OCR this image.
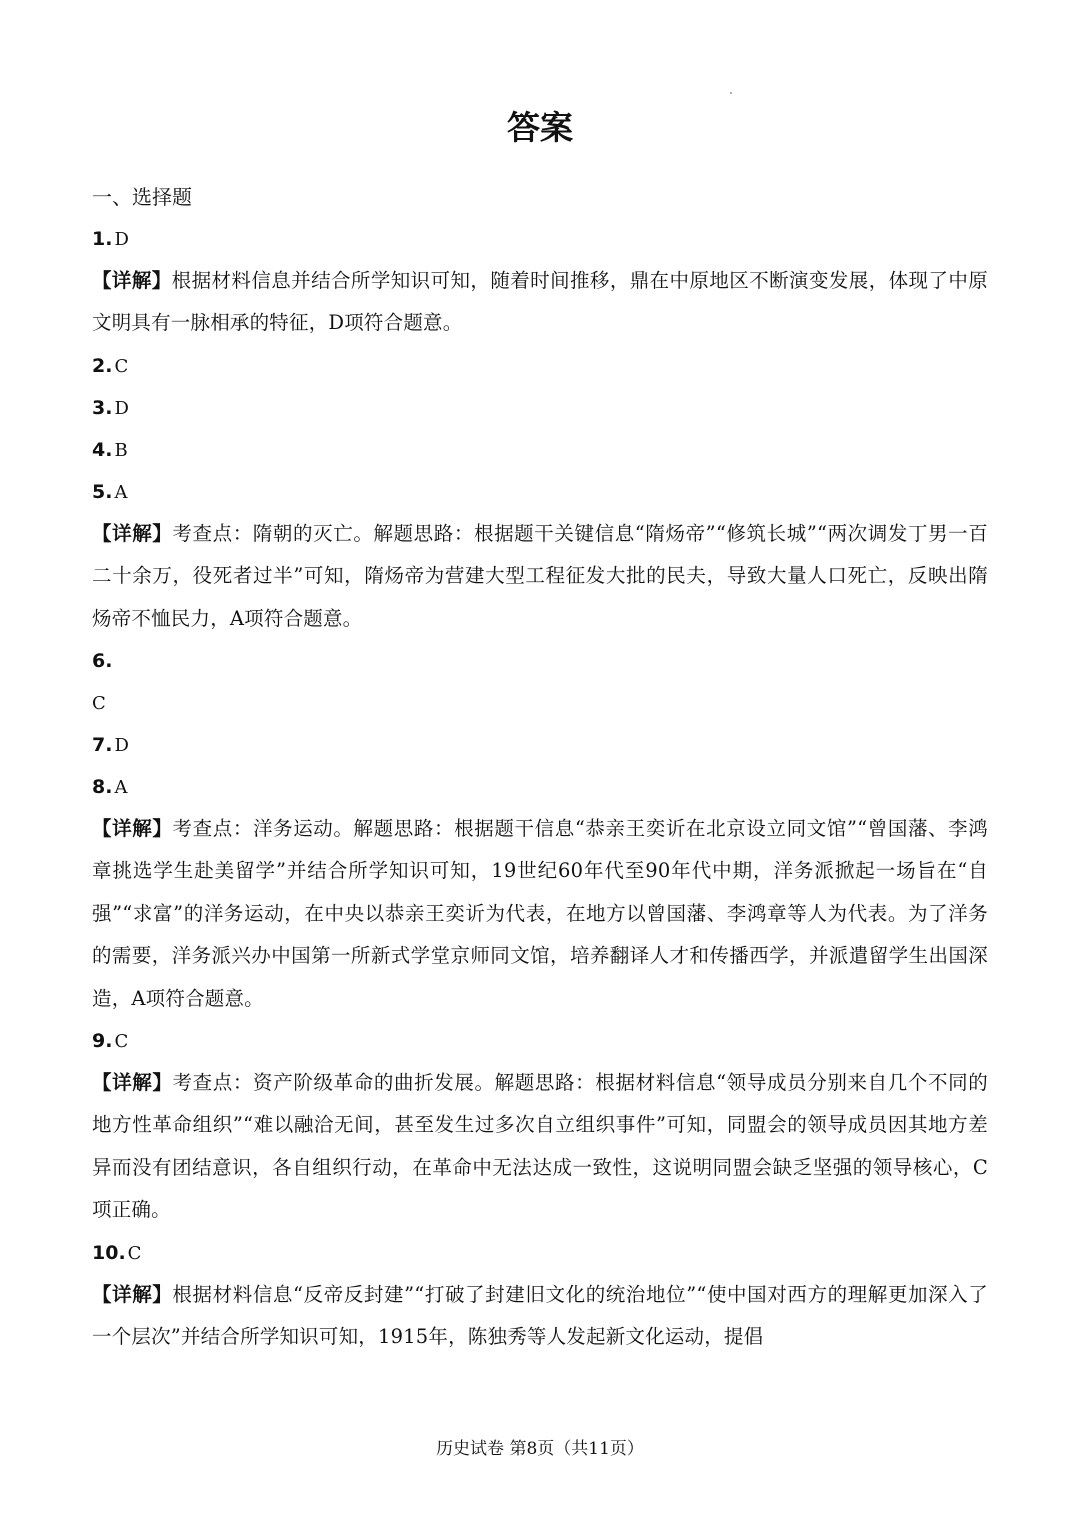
答案
一、选择题
1. D

【详解】根据材料信息并结合所学知识可知，随着时间推移，鼎在中原地区不断演变发展，体现了中原文明具有一脉相承的特征，D项符合题意。

2. C
3. D
4. B
5. A

【详解】考查点：隋朝的灭亡。解题思路：根据题干关键信息“隋炀帝”“修筑长城”“两次调发丁男一百二十余万，役死者过半”可知，隋炀帝为营建大型工程征发大批的民夫，导致大量人口死亡，反映出隋炀帝不恤民力，A项符合题意。

6.
C
7. D
8. A

【详解】考查点：洋务运动。解题思路：根据题干信息“恭亲王奕䜣在北京设立同文馆”“曾国藩、李鸿章挑选学生赴美留学”并结合所学知识可知，19世纪60年代至90年代中期，洋务派掀起一场旨在“自强”“求富”的洋务运动，在中央以恭亲王奕䜣为代表，在地方以曾国藩、李鸿章等人为代表。为了洋务的需要，洋务派兴办中国第一所新式学堂京师同文馆，培养翻译人才和传播西学，并派遣留学生出国深造，A项符合题意。

9. C

【详解】考查点：资产阶级革命的曲折发展。解题思路：根据材料信息“领导成员分别来自几个不同的地方性革命组织”“难以融洽无间，甚至发生过多次自立组织事件”可知，同盟会的领导成员因其地方差异而没有团结意识，各自组织行动，在革命中无法达成一致性，这说明同盟会缺乏坚强的领导核心，C项正确。

10. C

【详解】根据材料信息“反帝反封建”“打破了封建旧文化的统治地位”“使中国对西方的理解更加深入了一个层次”并结合所学知识可知，1915年，陈独秀等人发起新文化运动，提倡

历史试卷 第8页（共11页）
